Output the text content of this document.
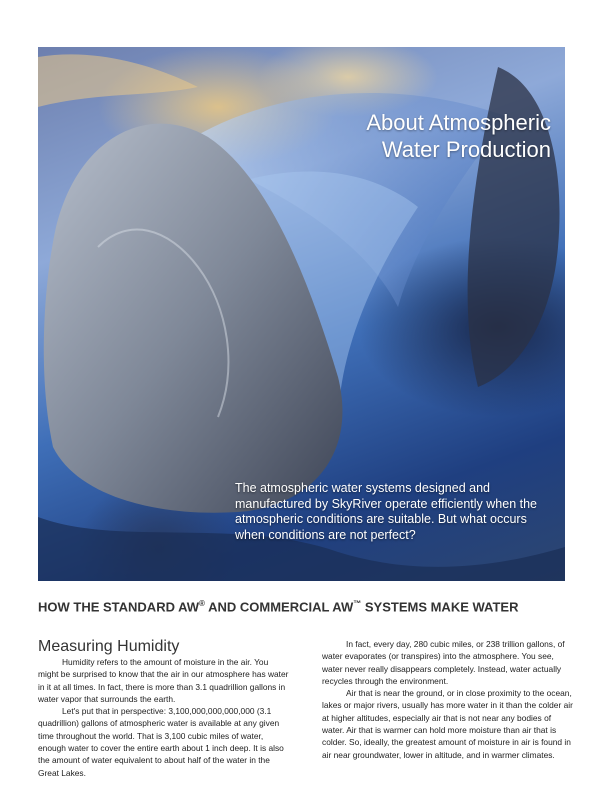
About Atmospheric
Water Production
The atmospheric water systems designed and manufactured by SkyRiver operate efficiently when the atmospheric conditions are suitable. But what occurs when conditions are not perfect?
HOW THE STANDARD AW® AND COMMERCIAL AW™ SYSTEMS MAKE WATER
Measuring Humidity

Humidity refers to the amount of moisture in the air. You might be surprised to know that the air in our atmosphere has water in it at all times. In fact, there is more than 3.1 quadrillion gallons in water vapor that surrounds the earth.

Let's put that in perspective: 3,100,000,000,000,000 (3.1 quadrillion) gallons of atmospheric water is available at any given time throughout the world. That is 3,100 cubic miles of water, enough water to cover the entire earth about 1 inch deep. It is also the amount of water equivalent to about half of the water in the Great Lakes.

In fact, every day, 280 cubic miles, or 238 trillion gallons, of water evaporates (or transpires) into the atmosphere. You see, water never really disappears completely. Instead, water actually recycles through the environment.

Air that is near the ground, or in close proximity to the ocean, lakes or major rivers, usually has more water in it than the colder air at higher altitudes, especially air that is not near any bodies of water. Air that is warmer can hold more moisture than air that is colder. So, ideally, the greatest amount of moisture in air is found in air near groundwater, lower in altitude, and in warmer climates.
